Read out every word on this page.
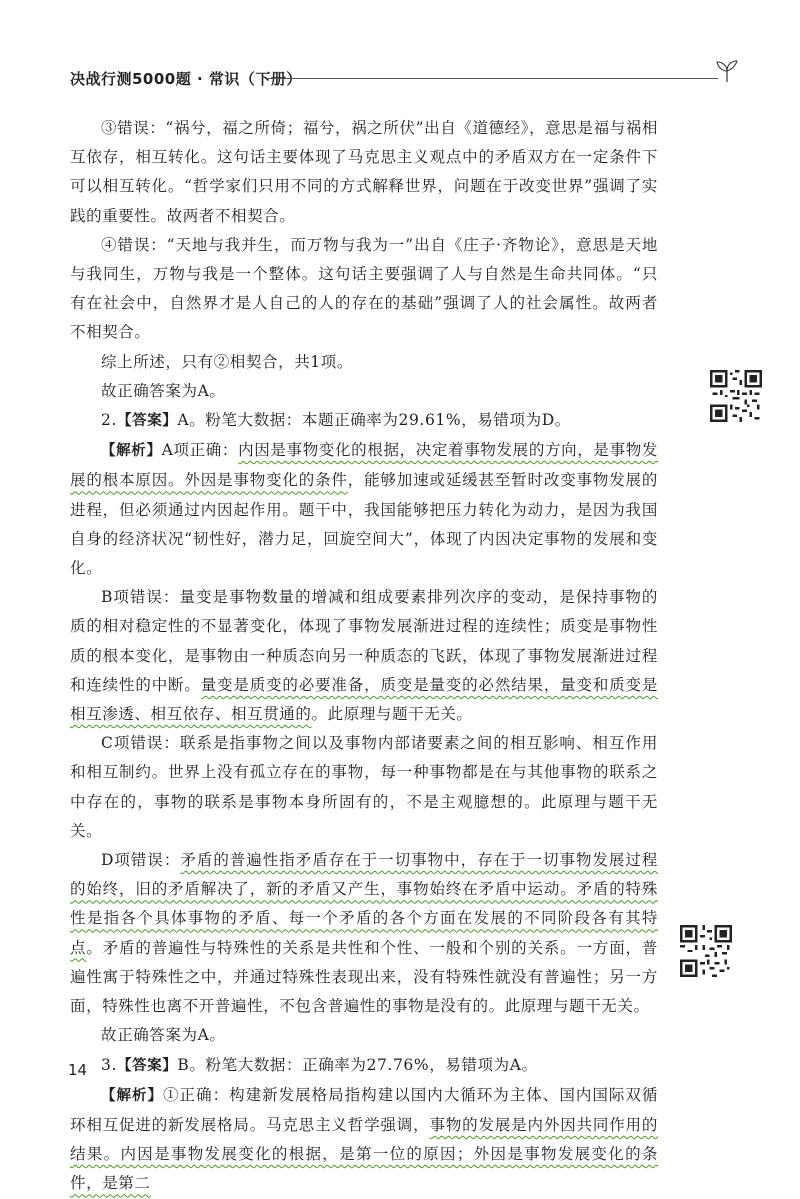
决战行测5000题 · 常识（下册）

③错误：“祸兮，福之所倚；福兮，祸之所伏”出自《道德经》，意思是福与祸相互依存，相互转化。这句话主要体现了马克思主义观点中的矛盾双方在一定条件下可以相互转化。“哲学家们只用不同的方式解释世界，问题在于改变世界”强调了实践的重要性。故两者不相契合。

④错误：“天地与我并生，而万物与我为一”出自《庄子·齐物论》，意思是天地与我同生，万物与我是一个整体。这句话主要强调了人与自然是生命共同体。“只有在社会中，自然界才是人自己的人的存在的基础”强调了人的社会属性。故两者不相契合。

综上所述，只有②相契合，共1项。

故正确答案为A。

2.【答案】A。粉笔大数据：本题正确率为29.61%，易错项为D。

【解析】A项正确：内因是事物变化的根据，决定着事物发展的方向，是事物发展的根本原因。外因是事物变化的条件，能够加速或延缓甚至暂时改变事物发展的进程，但必须通过内因起作用。题干中，我国能够把压力转化为动力，是因为我国自身的经济状况“韧性好，潜力足，回旋空间大”，体现了内因决定事物的发展和变化。

B项错误：量变是事物数量的增减和组成要素排列次序的变动，是保持事物的质的相对稳定性的不显著变化，体现了事物发展渐进过程的连续性；质变是事物性质的根本变化，是事物由一种质态向另一种质态的飞跃，体现了事物发展渐进过程和连续性的中断。量变是质变的必要准备，质变是量变的必然结果，量变和质变是相互渗透、相互依存、相互贯通的。此原理与题干无关。

C项错误：联系是指事物之间以及事物内部诸要素之间的相互影响、相互作用和相互制约。世界上没有孤立存在的事物，每一种事物都是在与其他事物的联系之中存在的，事物的联系是事物本身所固有的，不是主观臆想的。此原理与题干无关。

D项错误：矛盾的普遍性指矛盾存在于一切事物中，存在于一切事物发展过程的始终，旧的矛盾解决了，新的矛盾又产生，事物始终在矛盾中运动。矛盾的特殊性是指各个具体事物的矛盾、每一个矛盾的各个方面在发展的不同阶段各有其特点。矛盾的普遍性与特殊性的关系是共性和个性、一般和个别的关系。一方面，普遍性寓于特殊性之中，并通过特殊性表现出来，没有特殊性就没有普遍性；另一方面，特殊性也离不开普遍性，不包含普遍性的事物是没有的。此原理与题干无关。

故正确答案为A。

3.【答案】B。粉笔大数据：正确率为27.76%，易错项为A。

【解析】①正确：构建新发展格局指构建以国内大循环为主体、国内国际双循环相互促进的新发展格局。马克思主义哲学强调，事物的发展是内外因共同作用的结果。内因是事物发展变化的根据，是第一位的原因；外因是事物发展变化的条件，是第二

14
